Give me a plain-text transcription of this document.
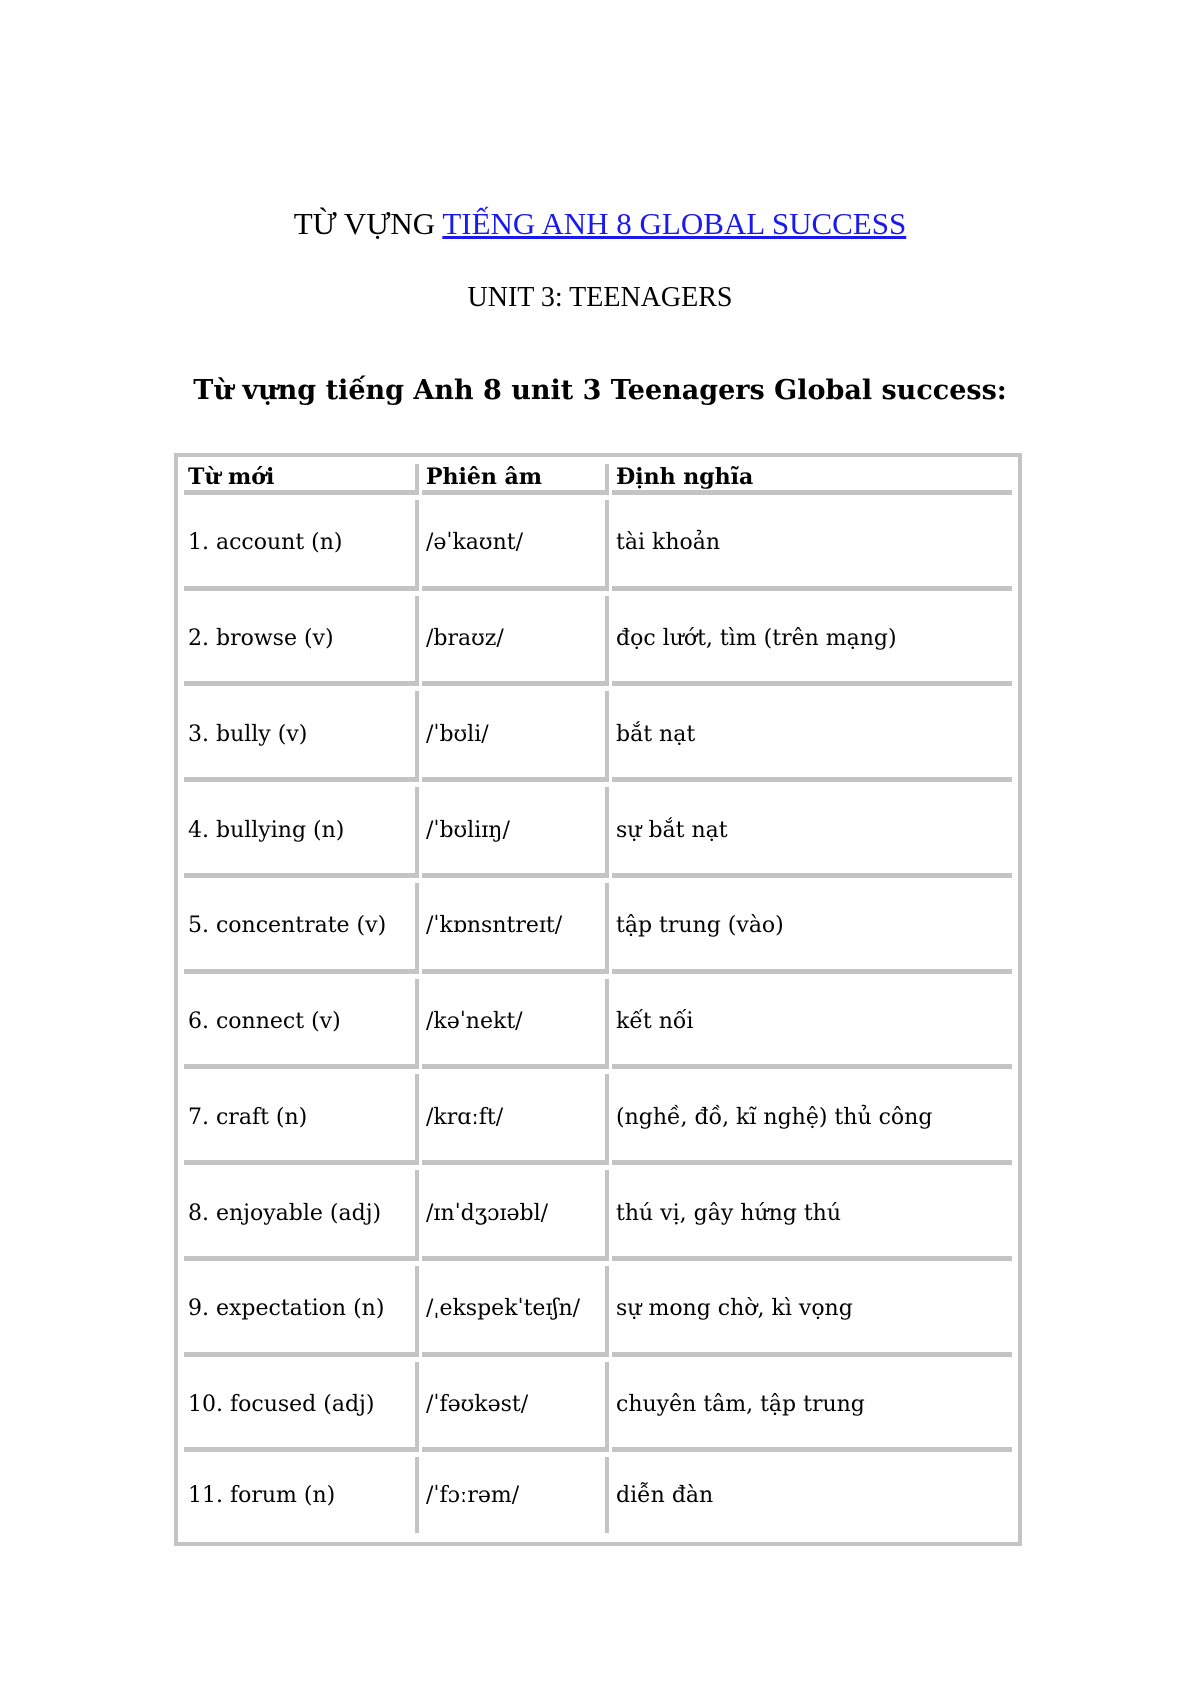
TỪ VỰNG TIẾNG ANH 8 GLOBAL SUCCESS
UNIT 3: TEENAGERS
Từ vựng tiếng Anh 8 unit 3 Teenagers Global success:
Từ mới	Phiên âm	Định nghĩa
1. account (n)	/əˈkaʊnt/	tài khoản
2. browse (v)	/braʊz/	đọc lướt, tìm (trên mạng)
3. bully (v)	/ˈbʊli/	bắt nạt
4. bullying (n)	/ˈbʊliɪŋ/	sự bắt nạt
5. concentrate (v)	/ˈkɒnsntreɪt/	tập trung (vào)
6. connect (v)	/kəˈnekt/	kết nối
7. craft (n)	/krɑːft/	(nghề, đồ, kĩ nghệ) thủ công
8. enjoyable (adj)	/ɪnˈdʒɔɪəbl/	thú vị, gây hứng thú
9. expectation (n)	/ˌekspekˈteɪʃn/	sự mong chờ, kì vọng
10. focused (adj)	/ˈfəʊkəst/	chuyên tâm, tập trung
11. forum (n)	/ˈfɔːrəm/	diễn đàn
